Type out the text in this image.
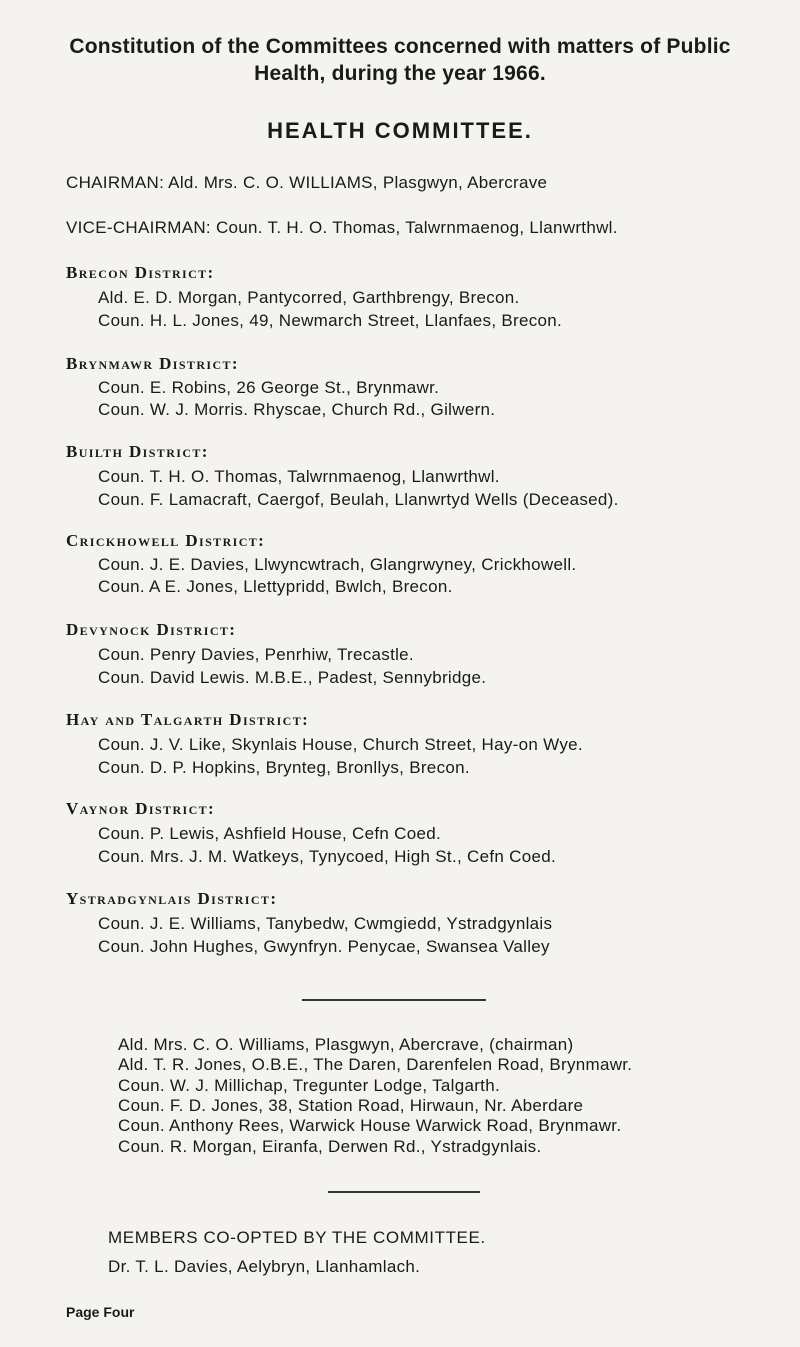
Constitution of the Committees concerned with matters of Public
Health, during the year 1966.
HEALTH COMMITTEE.
CHAIRMAN: Ald. Mrs. C. O. WILLIAMS, Plasgwyn, Abercrave
VICE-CHAIRMAN: Coun. T. H. O. Thomas, Talwrnmaenog, Llanwrthwl.
Brecon District:
Ald. E. D. Morgan, Pantycorred, Garthbrengy, Brecon.
Coun. H. L. Jones, 49, Newmarch Street, Llanfaes, Brecon.
Brynmawr District:
Coun. E. Robins, 26 George St., Brynmawr.
Coun. W. J. Morris. Rhyscae, Church Rd., Gilwern.
Builth District:
Coun. T. H. O. Thomas, Talwrnmaenog, Llanwrthwl.
Coun. F. Lamacraft, Caergof, Beulah, Llanwrtyd Wells (Deceased).
Crickhowell District:
Coun. J. E. Davies, Llwyncwtrach, Glangrwyney, Crickhowell.
Coun. A E. Jones, Llettypridd, Bwlch, Brecon.
Devynock District:
Coun. Penry Davies, Penrhiw, Trecastle.
Coun. David Lewis. M.B.E., Padest, Sennybridge.
Hay and Talgarth District:
Coun. J. V. Like, Skynlais House, Church Street, Hay-on Wye.
Coun. D. P. Hopkins, Brynteg, Bronllys, Brecon.
Vaynor District:
Coun. P. Lewis, Ashfield House, Cefn Coed.
Coun. Mrs. J. M. Watkeys, Tynycoed, High St., Cefn Coed.
Ystradgynlais District:
Coun. J. E. Williams, Tanybedw, Cwmgiedd, Ystradgynlais
Coun. John Hughes, Gwynfryn. Penycae, Swansea Valley
Ald. Mrs. C. O. Williams, Plasgwyn, Abercrave, (chairman)
Ald. T. R. Jones, O.B.E., The Daren, Darenfelen Road, Brynmawr.
Coun. W. J. Millichap, Tregunter Lodge, Talgarth.
Coun. F. D. Jones, 38, Station Road, Hirwaun, Nr. Aberdare
Coun. Anthony Rees, Warwick House Warwick Road, Brynmawr.
Coun. R. Morgan, Eiranfa, Derwen Rd., Ystradgynlais.
MEMBERS CO-OPTED BY THE COMMITTEE.
Dr. T. L. Davies, Aelybryn, Llanhamlach.
Page Four
